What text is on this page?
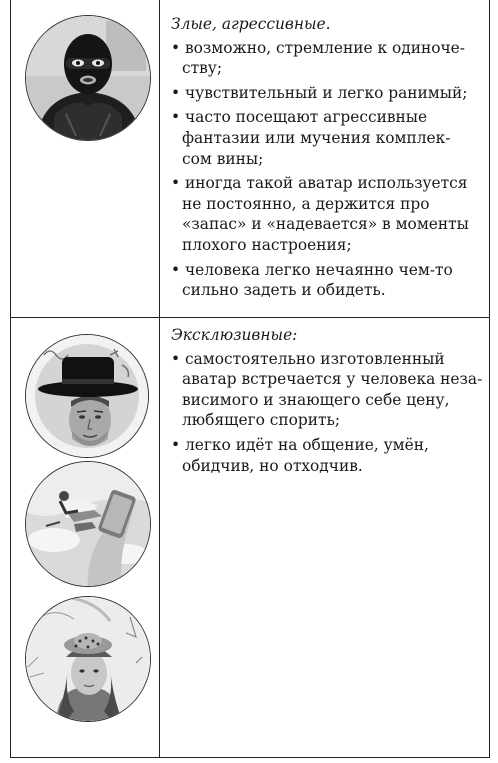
Злые, агрессивные.

• возможно, стремление к одиноче-
ству;
• чувствительный и легко ранимый;
• часто посещают агрессивные
фантазии или мучения комплек-
сом вины;
• иногда такой аватар используется
не постоянно, а держится про
«запас» и «надевается» в моменты
плохого настроения;
• человека легко нечаянно чем-то
сильно задеть и обидеть.

Эксклюзивные:

• самостоятельно изготовленный
аватар встречается у человека неза-
висимого и знающего себе цену,
любящего спорить;
• легко идёт на общение, умён,
обидчив, но отходчив.
